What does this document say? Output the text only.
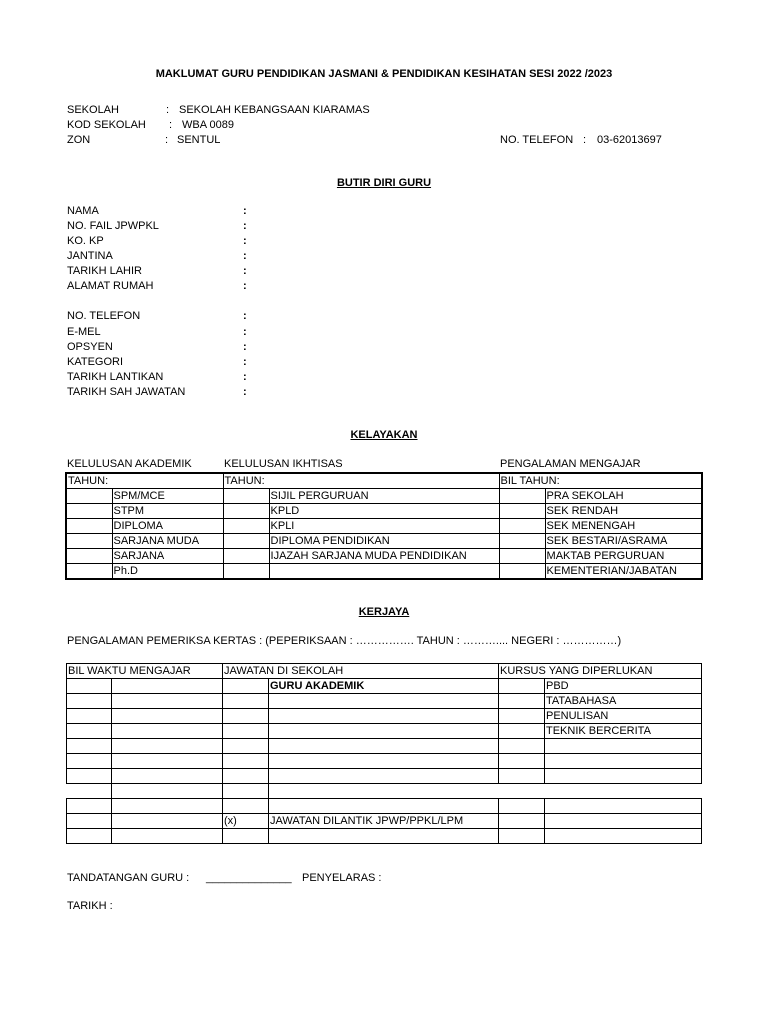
MAKLUMAT GURU PENDIDIKAN JASMANI & PENDIDIKAN KESIHATAN SESI 2022 /2023
SEKOLAH	: SEKOLAH KEBANGSAAN KIARAMAS
KOD SEKOLAH : WBA 0089
ZON	: SENTUL	NO. TELEFON : 03-62013697
BUTIR DIRI GURU
NAMA	:
NO. FAIL JPWPKL	:
KO. KP	:
JANTINA	:
TARIKH LAHIR	:
ALAMAT RUMAH	:
NO. TELEFON	:
E-MEL	:
OPSYEN	:
KATEGORI	:
TARIKH LANTIKAN	:
TARIKH SAH JAWATAN	:
KELAYAKAN
KELULUSAN AKADEMIK	KELULUSAN IKHTISAS	PENGALAMAN MENGAJAR
TAHUN:		TAHUN:		BIL TAHUN:	
	SPM/MCE		SIJIL PERGURUAN		PRA SEKOLAH
	STPM		KPLD		SEK RENDAH
	DIPLOMA		KPLI		SEK MENENGAH
	SARJANA MUDA		DIPLOMA PENDIDIKAN		SEK BESTARI/ASRAMA
	SARJANA		IJAZAH SARJANA MUDA PENDIDIKAN		MAKTAB PERGURUAN
	Ph.D				KEMENTERIAN/JABATAN
KERJAYA
PENGALAMAN PEMERIKSA KERTAS : (PEPERIKSAAN : ……………. TAHUN : ……….... NEGERI : ……………)
BIL WAKTU MENGAJAR		JAWATAN DI SEKOLAH		KURSUS YANG DIPERLUKAN	
			GURU AKADEMIK		PBD
					TATABAHASA
					PENULISAN
					TEKNIK BERCERITA

		(x)	JAWATAN DILANTIK JPWP/PPKL/LPM		

TANDATANGAN GURU : ______________ PENYELARAS :
TARIKH :
